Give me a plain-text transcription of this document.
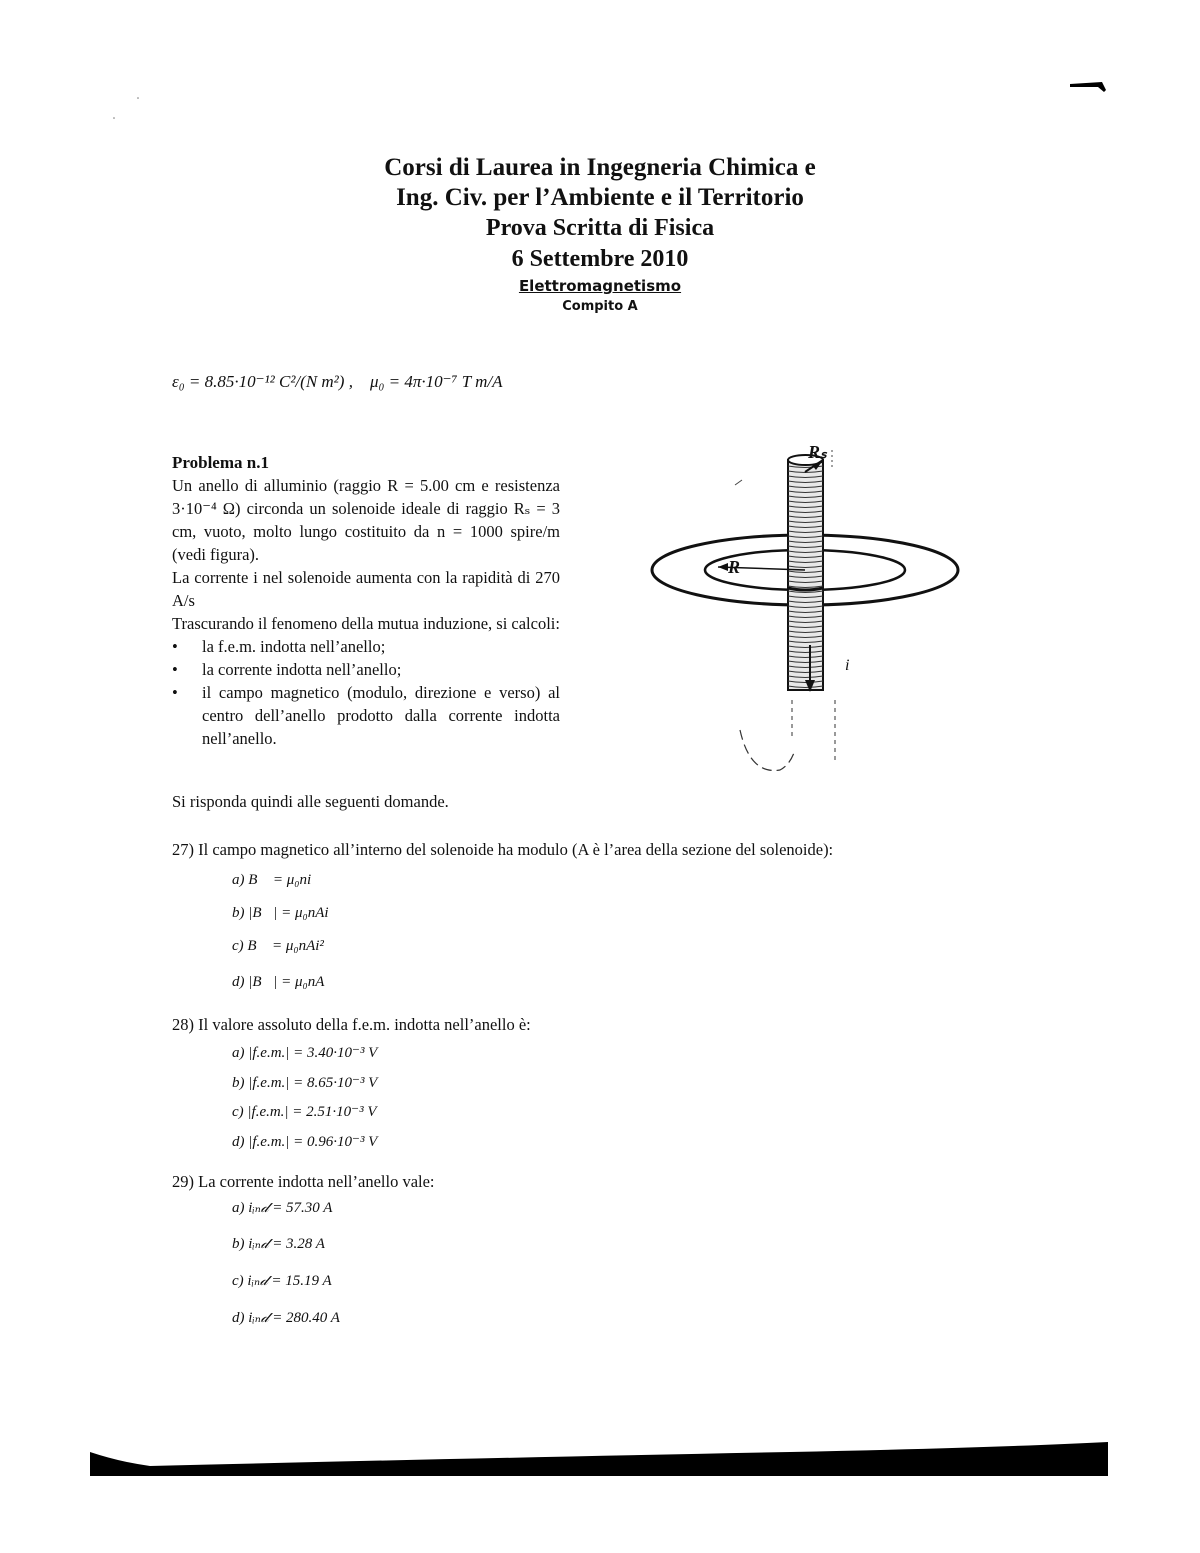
Corsi di Laurea in Ingegneria Chimica e
Ing. Civ. per l’Ambiente e il Territorio
Prova Scritta di Fisica
6 Settembre 2010
Elettromagnetismo
Compito A
ε₀ = 8.85·10⁻¹² C²/(N m²) , μ₀ = 4π·10⁻⁷ T m/A
Problema n.1

Un anello di alluminio (raggio R = 5.00 cm e resistenza 3·10⁻⁴ Ω) circonda un solenoide ideale di raggio Rₛ = 3 cm, vuoto, molto lungo costituito da n = 1000 spire/m (vedi figura).

La corrente i nel solenoide aumenta con la rapidità di 270 A/s

Trascurando il fenomeno della mutua induzione, si calcoli:

• la f.e.m. indotta nell’anello;
• la corrente indotta nell’anello;
• il campo magnetico (modulo, direzione e verso) al centro dell’anello prodotto dalla corrente indotta nell’anello.
Si risponda quindi alle seguenti domande.
R
Rₛ
i
27) Il campo magnetico all’interno del solenoide ha modulo (A è l’area della sezione del solenoide):
a) B⃗ = μ₀ni
b) |B⃗| = μ₀nAi
c) B⃗ = μ₀nAi²
d) |B⃗| = μ₀nA
28) Il valore assoluto della f.e.m. indotta nell’anello è:
a) |f.e.m.| = 3.40·10⁻³ V
b) |f.e.m.| = 8.65·10⁻³ V
c) |f.e.m.| = 2.51·10⁻³ V
d) |f.e.m.| = 0.96·10⁻³ V
29) La corrente indotta nell’anello vale:
a) iᵢₙ𝒹 = 57.30 A
b) iᵢₙ𝒹 = 3.28 A
c) iᵢₙ𝒹 = 15.19 A
d) iᵢₙ𝒹 = 280.40 A
